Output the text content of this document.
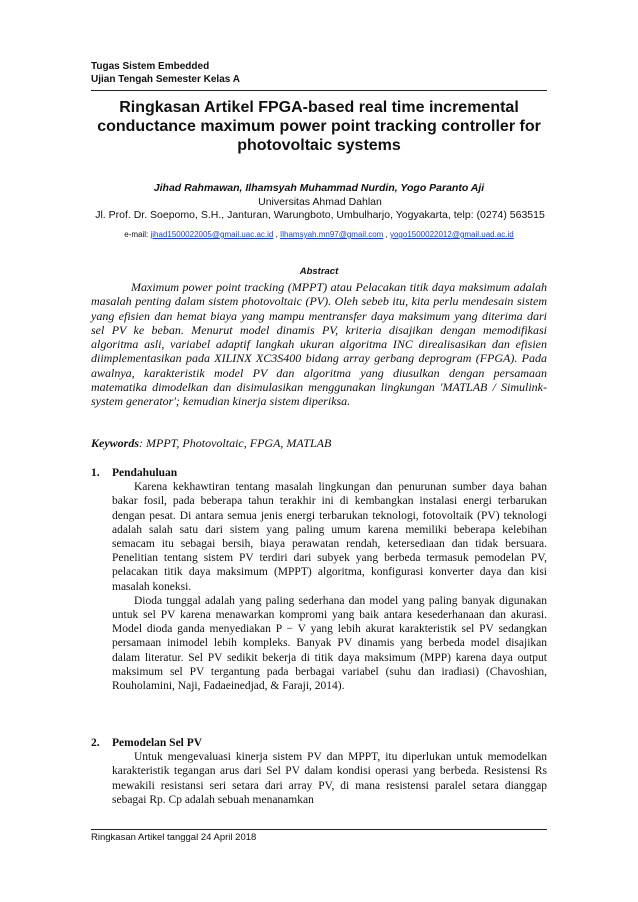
Tugas Sistem Embedded
Ujian Tengah Semester Kelas A
Ringkasan Artikel FPGA-based real time incremental conductance maximum power point tracking controller for photovoltaic systems
Jihad Rahmawan, Ilhamsyah Muhammad Nurdin, Yogo Paranto Aji
Universitas Ahmad Dahlan
Jl. Prof. Dr. Soepomo, S.H., Janturan, Warungboto, Umbulharjo, Yogyakarta, telp: (0274) 563515
e-mail: jihad1500022005@gmail.uac.ac.id , Ilhamsyah.mn97@gmail.com , yogo1500022012@gmail.uad.ac.id
Abstract

Maximum power point tracking (MPPT) atau Pelacakan titik daya maksimum adalah masalah penting dalam sistem photovoltaic (PV). Oleh sebeb itu, kita perlu mendesain sistem yang efisien dan hemat biaya yang mampu mentransfer daya maksimum yang diterima dari sel PV ke beban. Menurut model dinamis PV, kriteria disajikan dengan memodifikasi algoritma asli, variabel adaptif langkah ukuran algoritma INC direalisasikan dan efisien diimplementasikan pada XILINX XC3S400 bidang array gerbang deprogram (FPGA). Pada awalnya, karakteristik model PV dan algoritma yang diusulkan dengan persamaan matematika dimodelkan dan disimulasikan menggunakan lingkungan 'MATLAB / Simulink-system generator'; kemudian kinerja sistem diperiksa.

Keywords: MPPT, Photovoltaic, FPGA, MATLAB
1. Pendahuluan

Karena kekhawtiran tentang masalah lingkungan dan penurunan sumber daya bahan bakar fosil, pada beberapa tahun terakhir ini di kembangkan instalasi energi terbarukan dengan pesat. Di antara semua jenis energi terbarukan teknologi, fotovoltaik (PV) teknologi adalah salah satu dari sistem yang paling umum karena memiliki beberapa kelebihan semacam itu sebagai bersih, biaya perawatan rendah, ketersediaan dan tidak bersuara. Penelitian tentang sistem PV terdiri dari subyek yang berbeda termasuk pemodelan PV, pelacakan titik daya maksimum (MPPT) algoritma, konfigurasi konverter daya dan kisi masalah koneksi.

Dioda tunggal adalah yang paling sederhana dan model yang paling banyak digunakan untuk sel PV karena menawarkan kompromi yang baik antara kesederhanaan dan akurasi. Model dioda ganda menyediakan P − V yang lebih akurat karakteristik sel PV sedangkan persamaan inimodel lebih kompleks. Banyak PV dinamis yang berbeda model disajikan dalam literatur. Sel PV sedikit bekerja di titik daya maksimum (MPP) karena daya output maksimum sel PV tergantung pada berbagai variabel (suhu dan iradiasi) (Chavoshian, Rouholamini, Naji, Fadaeinedjad, & Faraji, 2014).

2. Pemodelan Sel PV

Untuk mengevaluasi kinerja sistem PV dan MPPT, itu diperlukan untuk memodelkan karakteristik tegangan arus dari Sel PV dalam kondisi operasi yang berbeda. Resistensi Rs mewakili resistansi seri setara dari array PV, di mana resistensi paralel setara dianggap sebagai Rp. Cp adalah sebuah menanamkan

Ringkasan Artikel tanggal 24 April 2018
